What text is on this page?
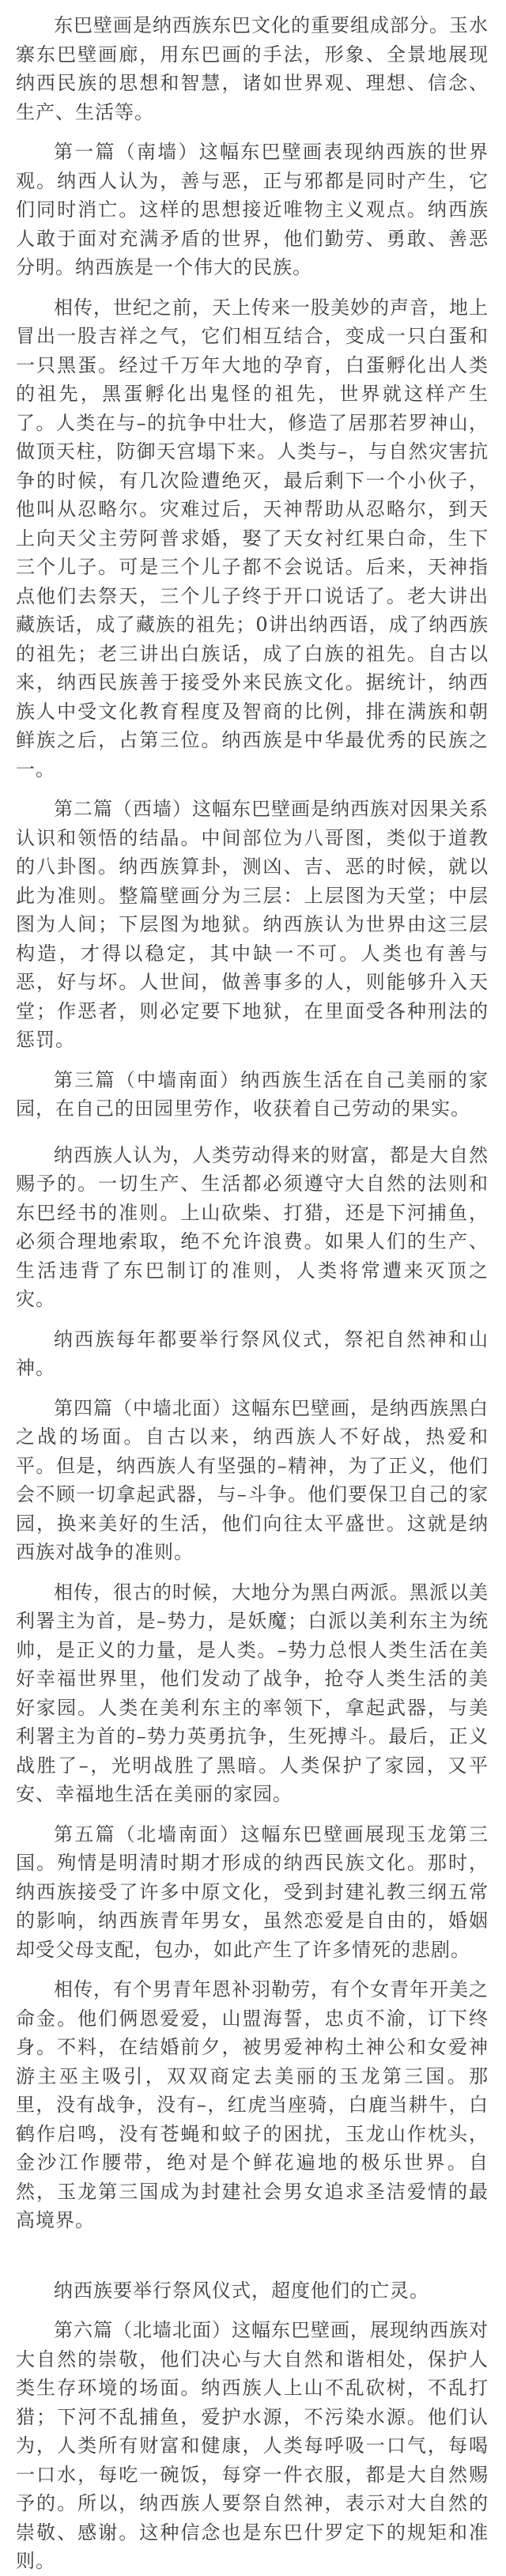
东巴壁画是纳西族东巴文化的重要组成部分。玉水寨东巴壁画廊，用东巴画的手法，形象、全景地展现纳西民族的思想和智慧，诸如世界观、理想、信念、生产、生活等。

第一篇（南墙）这幅东巴壁画表现纳西族的世界观。纳西人认为，善与恶，正与邪都是同时产生，它们同时消亡。这样的思想接近唯物主义观点。纳西族人敢于面对充满矛盾的世界，他们勤劳、勇敢、善恶分明。纳西族是一个伟大的民族。

相传，世纪之前，天上传来一股美妙的声音，地上冒出一股吉祥之气，它们相互结合，变成一只白蛋和一只黑蛋。经过千万年大地的孕育，白蛋孵化出人类的祖先，黑蛋孵化出鬼怪的祖先，世界就这样产生了。人类在与–的抗争中壮大，修造了居那若罗神山，做顶天柱，防御天宫塌下来。人类与–，与自然灾害抗争的时候，有几次险遭绝灭，最后剩下一个小伙子，他叫从忍略尔。灾难过后，天神帮助从忍略尔，到天上向天父主劳阿普求婚，娶了天女衬红果白命，生下三个儿子。可是三个儿子都不会说话。后来，天神指点他们去祭天，三个儿子终于开口说话了。老大讲出藏族话，成了藏族的祖先；0讲出纳西语，成了纳西族的祖先；老三讲出白族话，成了白族的祖先。自古以来，纳西民族善于接受外来民族文化。据统计，纳西族人中受文化教育程度及智商的比例，排在满族和朝鲜族之后，占第三位。纳西族是中华最优秀的民族之一。

第二篇（西墙）这幅东巴壁画是纳西族对因果关系认识和领悟的结晶。中间部位为八哥图，类似于道教的八卦图。纳西族算卦，测凶、吉、恶的时候，就以此为准则。整篇壁画分为三层：上层图为天堂；中层图为人间；下层图为地狱。纳西族认为世界由这三层构造，才得以稳定，其中缺一不可。人类也有善与恶，好与坏。人世间，做善事多的人，则能够升入天堂；作恶者，则必定要下地狱，在里面受各种刑法的惩罚。

第三篇（中墙南面）纳西族生活在自己美丽的家园，在自己的田园里劳作，收获着自己劳动的果实。

纳西族人认为，人类劳动得来的财富，都是大自然赐予的。一切生产、生活都必须遵守大自然的法则和东巴经书的准则。上山砍柴、打猎，还是下河捕鱼，必须合理地索取，绝不允许浪费。如果人们的生产、生活违背了东巴制订的准则，人类将常遭来灭顶之灾。

纳西族每年都要举行祭风仪式，祭祀自然神和山神。

第四篇（中墙北面）这幅东巴壁画，是纳西族黑白之战的场面。自古以来，纳西族人不好战，热爱和平。但是，纳西族人有坚强的–精神，为了正义，他们会不顾一切拿起武器，与–斗争。他们要保卫自己的家园，换来美好的生活，他们向往太平盛世。这就是纳西族对战争的准则。

相传，很古的时候，大地分为黑白两派。黑派以美利署主为首，是–势力，是妖魔；白派以美利东主为统帅，是正义的力量，是人类。–势力总恨人类生活在美好幸福世界里，他们发动了战争，抢夺人类生活的美好家园。人类在美利东主的率领下，拿起武器，与美利署主为首的–势力英勇抗争，生死搏斗。最后，正义战胜了–，光明战胜了黑暗。人类保护了家园，又平安、幸福地生活在美丽的家园。

第五篇（北墙南面）这幅东巴壁画展现玉龙第三国。殉情是明清时期才形成的纳西民族文化。那时，纳西族接受了许多中原文化，受到封建礼教三纲五常的影响，纳西族青年男女，虽然恋爱是自由的，婚姻却受父母支配，包办，如此产生了许多情死的悲剧。

相传，有个男青年恩补羽勒劳，有个女青年开美之命金。他们俩恩爱爱，山盟海誓，忠贞不渝，订下终身。不料，在结婚前夕，被男爱神构土神公和女爱神游主巫主吸引，双双商定去美丽的玉龙第三国。那里，没有战争，没有–，红虎当座骑，白鹿当耕牛，白鹤作启鸣，没有苍蝇和蚊子的困扰，玉龙山作枕头，金沙江作腰带，绝对是个鲜花遍地的极乐世界。自然，玉龙第三国成为封建社会男女追求圣洁爱情的最高境界。

纳西族要举行祭风仪式，超度他们的亡灵。

第六篇（北墙北面）这幅东巴壁画，展现纳西族对大自然的崇敬，他们决心与大自然和谐相处，保护人类生存环境的场面。纳西族人上山不乱砍树，不乱打猎；下河不乱捕鱼，爱护水源，不污染水源。他们认为，人类所有财富和健康，人类每呼吸一口气，每喝一口水，每吃一碗饭，每穿一件衣服，都是大自然赐予的。所以，纳西族人要祭自然神，表示对大自然的崇敬、感谢。这种信念也是东巴什罗定下的规矩和准则。
